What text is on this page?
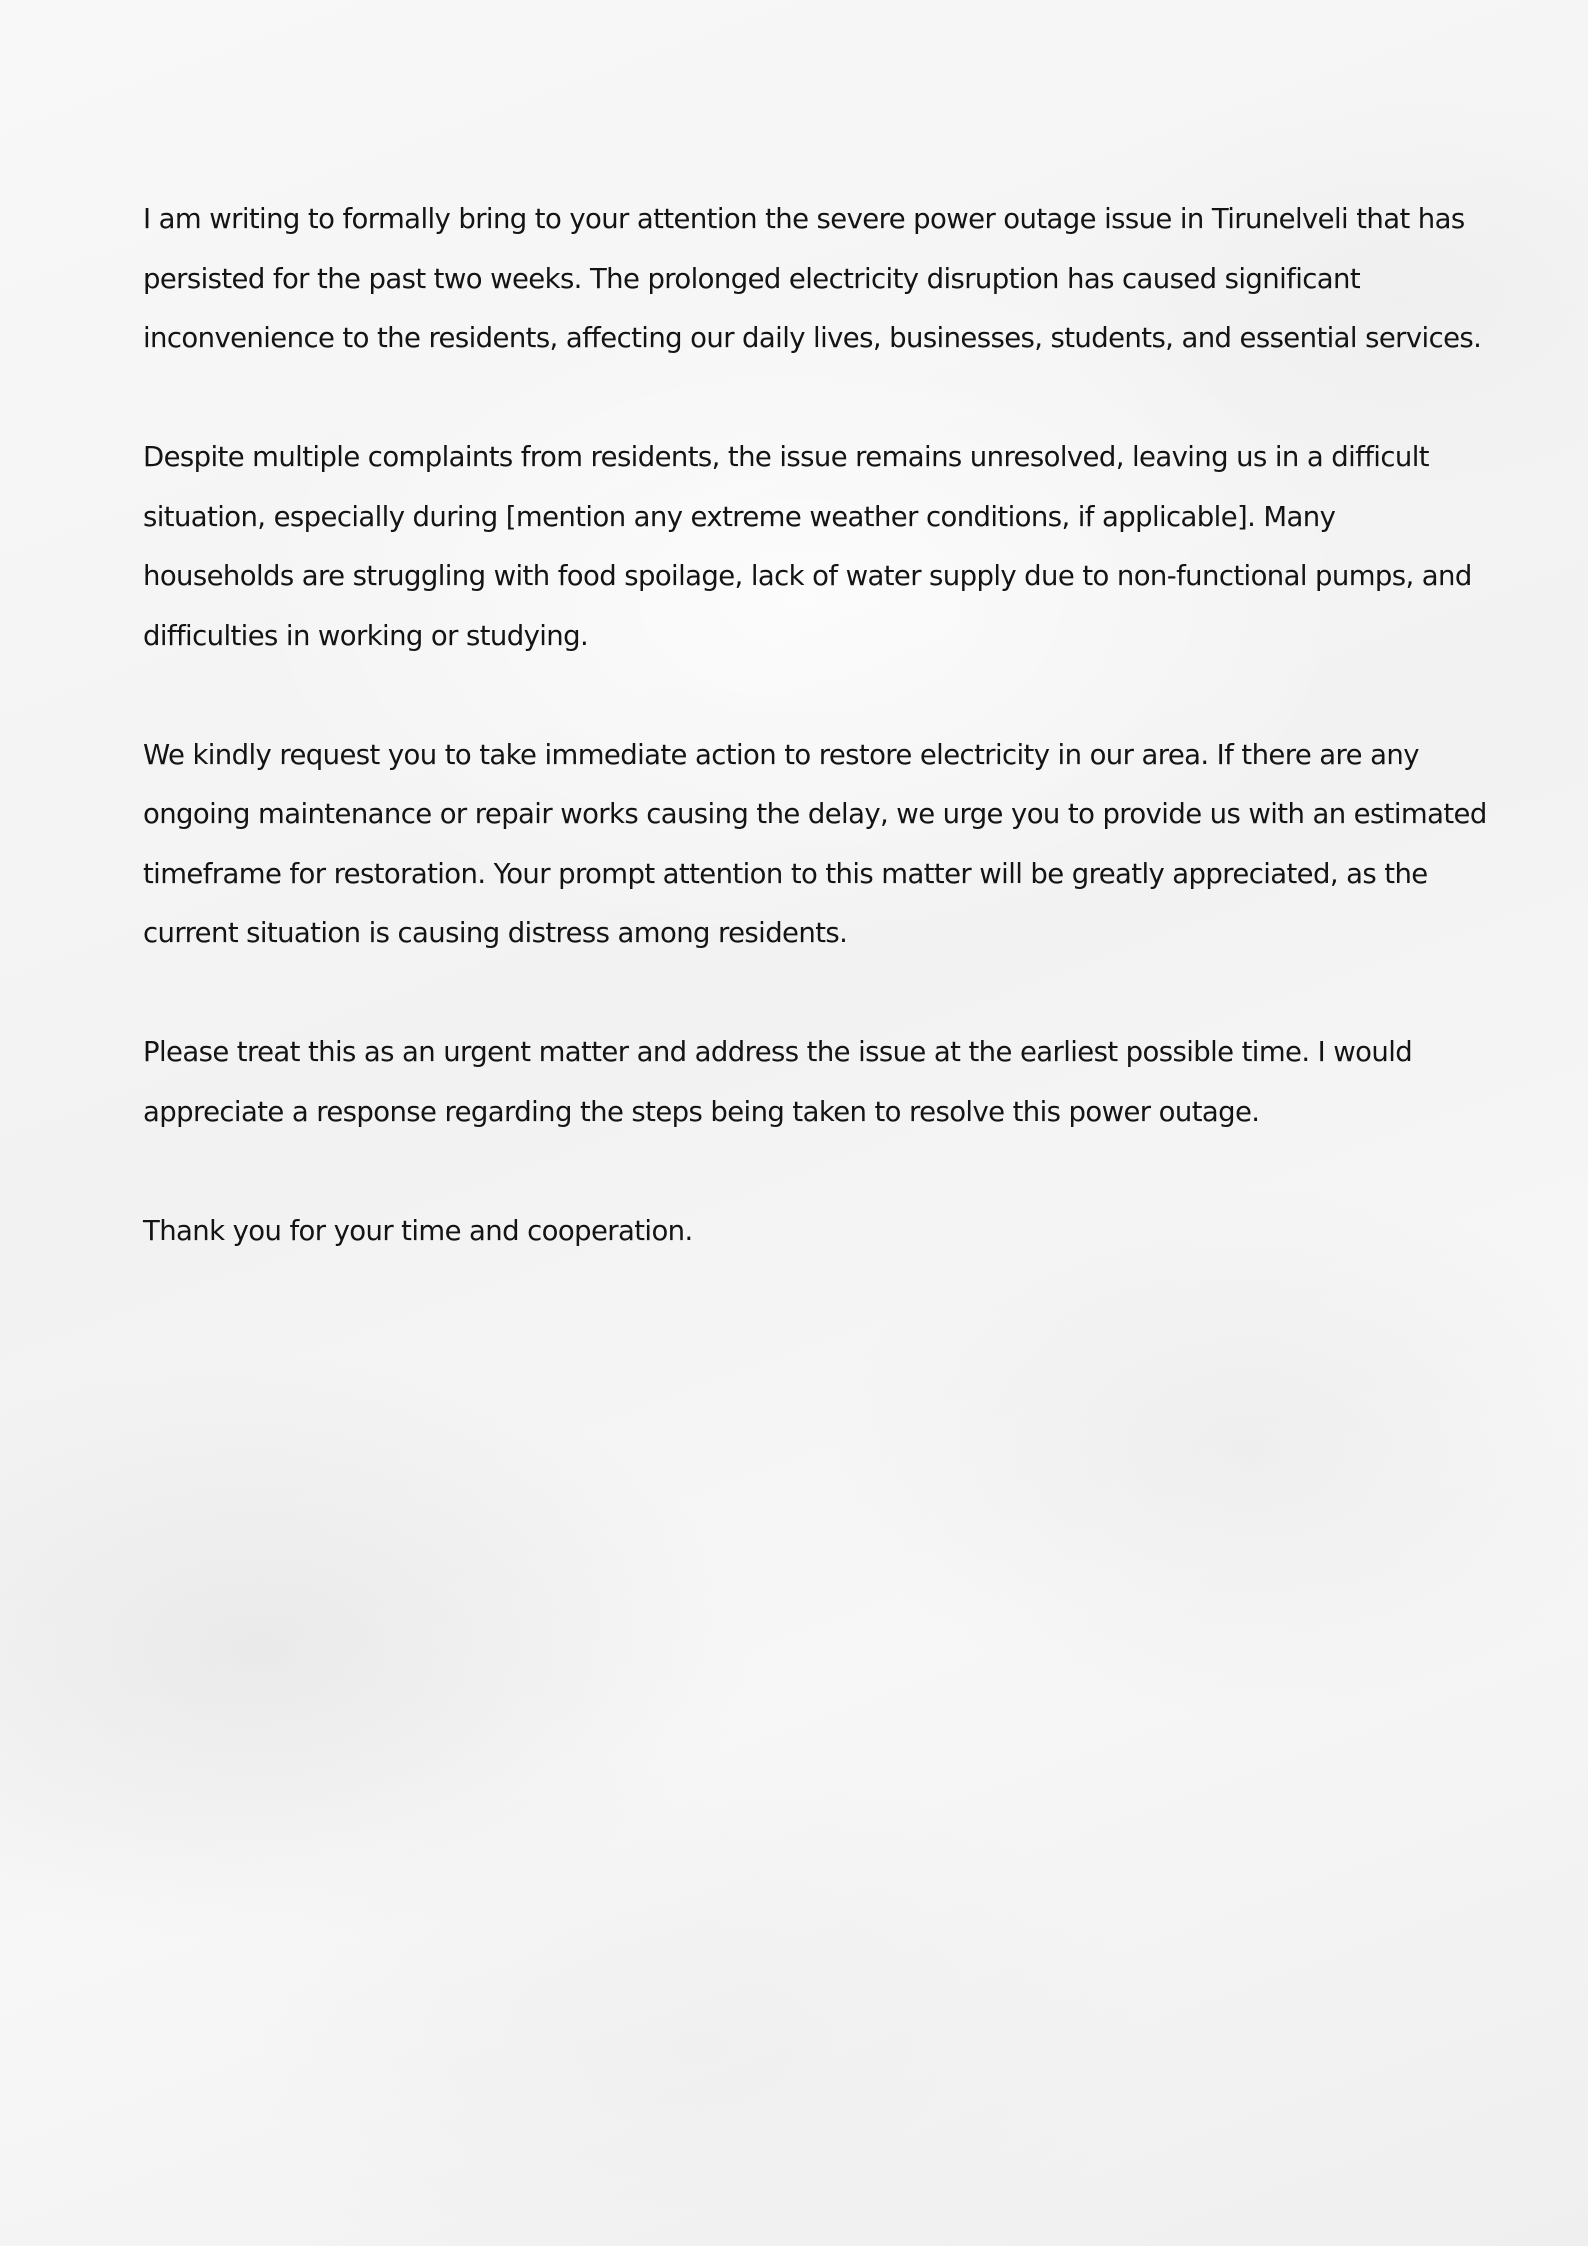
I am writing to formally bring to your attention the severe power outage issue in Tirunelveli that has persisted for the past two weeks. The prolonged electricity disruption has caused significant inconvenience to the residents, affecting our daily lives, businesses, students, and essential services.

Despite multiple complaints from residents, the issue remains unresolved, leaving us in a difficult situation, especially during [mention any extreme weather conditions, if applicable]. Many households are struggling with food spoilage, lack of water supply due to non-functional pumps, and difficulties in working or studying.

We kindly request you to take immediate action to restore electricity in our area. If there are any ongoing maintenance or repair works causing the delay, we urge you to provide us with an estimated timeframe for restoration. Your prompt attention to this matter will be greatly appreciated, as the current situation is causing distress among residents.

Please treat this as an urgent matter and address the issue at the earliest possible time. I would appreciate a response regarding the steps being taken to resolve this power outage.

Thank you for your time and cooperation.
